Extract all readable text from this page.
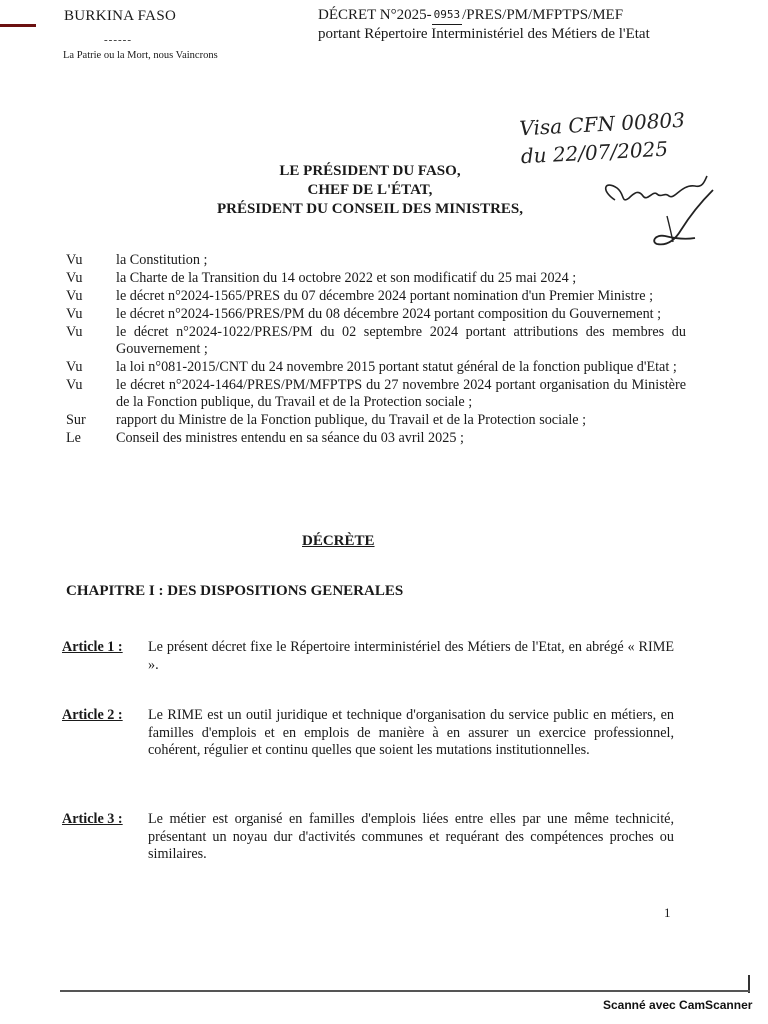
BURKINA FASO
------
La Patrie ou la Mort, nous Vaincrons
DÉCRET N°2025- 0953 /PRES/PM/MFPTPS/MEF
portant Répertoire Interministériel des Métiers de l'Etat
Visa CFN 00803
du 22/07/2025
LE PRÉSIDENT DU FASO,
CHEF DE L'ÉTAT,
PRÉSIDENT DU CONSEIL DES MINISTRES,
Vu	la Constitution ;
Vu	la Charte de la Transition du 14 octobre 2022 et son modificatif du 25 mai 2024 ;
Vu	le décret n°2024-1565/PRES du 07 décembre 2024 portant nomination d'un Premier Ministre ;
Vu	le décret n°2024-1566/PRES/PM du 08 décembre 2024 portant composition du Gouvernement ;
Vu	le décret n°2024-1022/PRES/PM du 02 septembre 2024 portant attributions des membres du Gouvernement ;
Vu	la loi n°081-2015/CNT du 24 novembre 2015 portant statut général de la fonction publique d'Etat ;
Vu	le décret n°2024-1464/PRES/PM/MFPTPS du 27 novembre 2024 portant organisation du Ministère de la Fonction publique, du Travail et de la Protection sociale ;
Sur	rapport du Ministre de la Fonction publique, du Travail et de la Protection sociale ;
Le	Conseil des ministres entendu en sa séance du 03 avril 2025 ;
DÉCRÈTE
CHAPITRE I : DES DISPOSITIONS GENERALES
Article 1 :	Le présent décret fixe le Répertoire interministériel des Métiers de l'Etat, en abrégé « RIME ».
Article 2 :	Le RIME est un outil juridique et technique d'organisation du service public en métiers, en familles d'emplois et en emplois de manière à en assurer un exercice professionnel, cohérent, régulier et continu quelles que soient les mutations institutionnelles.
Article 3 :	Le métier est organisé en familles d'emplois liées entre elles par une même technicité, présentant un noyau dur d'activités communes et requérant des compétences proches ou similaires.
1
Scanné avec CamScanner
